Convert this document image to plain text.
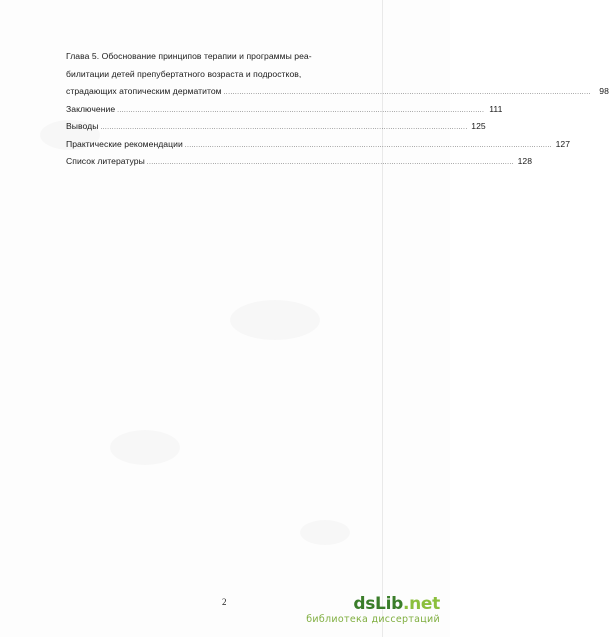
Глава 5. Обоснование принципов терапии и программы реа-
билитации детей препубертатного возраста и подростков,
страдающих атопическим дерматитом .................................................................................................................................................................. 98
Заключение .................................................................................................................................................................. 111
Выводы .................................................................................................................................................................. 125
Практические рекомендации .................................................................................................................................................................. 127
Список литературы .................................................................................................................................................................. 128
2	dsLib.net
библиотека диссертаций
